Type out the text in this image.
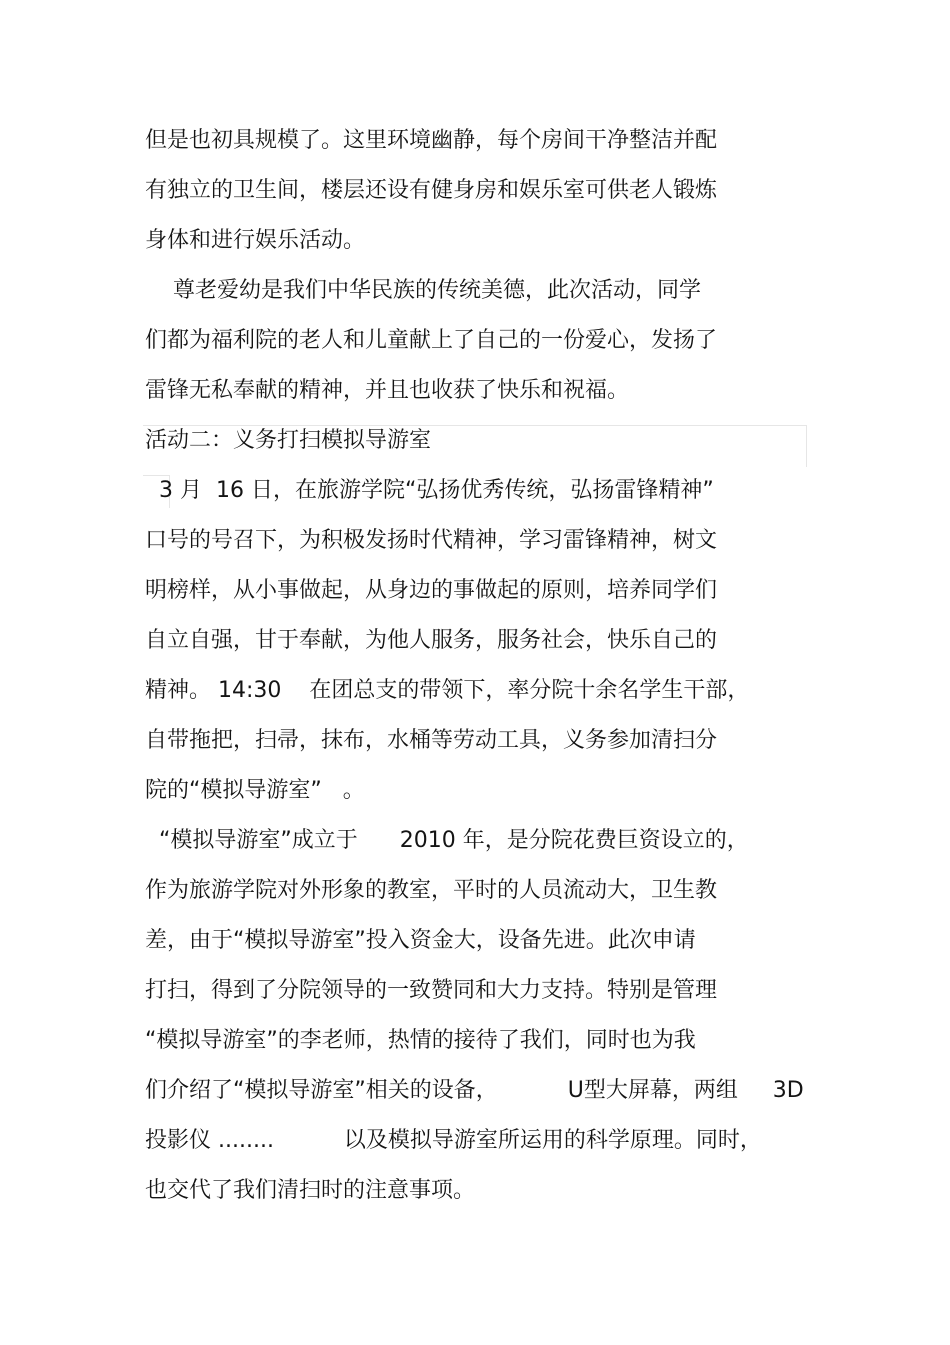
但是也初具规模了。这里环境幽静，每个房间干净整洁并配
有独立的卫生间，楼层还设有健身房和娱乐室可供老人锻炼
身体和进行娱乐活动。
尊老爱幼是我们中华民族的传统美德，此次活动，同学
们都为福利院的老人和儿童献上了自己的一份爱心，发扬了
雷锋无私奉献的精神，并且也收获了快乐和祝福。
活动二：义务打扫模拟导游室
3 月  16 日，在旅游学院“弘扬优秀传统，弘扬雷锋精神”
口号的号召下，为积极发扬时代精神，学习雷锋精神，树文
明榜样，从小事做起，从身边的事做起的原则，培养同学们
自立自强，甘于奉献，为他人服务，服务社会，快乐自己的
精神。 14:30    在团总支的带领下，率分院十余名学生干部，
自带拖把，扫帚，抹布，水桶等劳动工具，义务参加清扫分
院的“模拟导游室”   。
“模拟导游室”成立于      2010 年，是分院花费巨资设立的，
作为旅游学院对外形象的教室，平时的人员流动大，卫生教
差，由于“模拟导游室”投入资金大，设备先进。此次申请
打扫，得到了分院领导的一致赞同和大力支持。特别是管理
“模拟导游室”的李老师，热情的接待了我们，同时也为我
们介绍了“模拟导游室”相关的设备，          U型大屏幕，两组     3D
投影仪 ........          以及模拟导游室所运用的科学原理。同时，
也交代了我们清扫时的注意事项。
